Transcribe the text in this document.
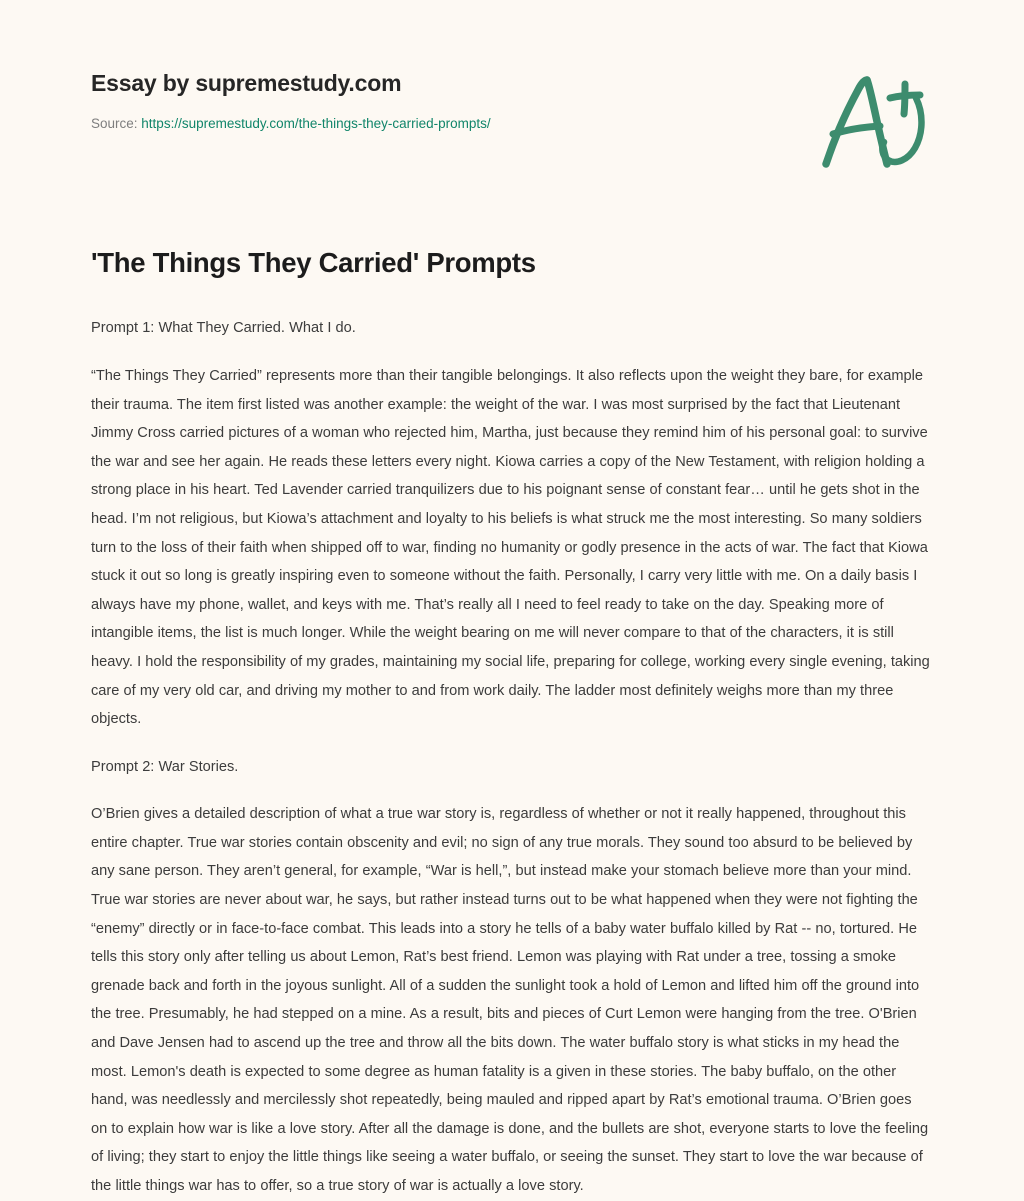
Essay by supremestudy.com
Source: https://supremestudy.com/the-things-they-carried-prompts/
'The Things They Carried' Prompts

Prompt 1: What They Carried. What I do.

“The Things They Carried” represents more than their tangible belongings. It also reflects upon the weight they bare, for example their trauma. The item first listed was another example: the weight of the war. I was most surprised by the fact that Lieutenant Jimmy Cross carried pictures of a woman who rejected him, Martha, just because they remind him of his personal goal: to survive the war and see her again. He reads these letters every night. Kiowa carries a copy of the New Testament, with religion holding a strong place in his heart. Ted Lavender carried tranquilizers due to his poignant sense of constant fear… until he gets shot in the head. I’m not religious, but Kiowa’s attachment and loyalty to his beliefs is what struck me the most interesting. So many soldiers turn to the loss of their faith when shipped off to war, finding no humanity or godly presence in the acts of war. The fact that Kiowa stuck it out so long is greatly inspiring even to someone without the faith. Personally, I carry very little with me. On a daily basis I always have my phone, wallet, and keys with me. That’s really all I need to feel ready to take on the day. Speaking more of intangible items, the list is much longer. While the weight bearing on me will never compare to that of the characters, it is still heavy. I hold the responsibility of my grades, maintaining my social life, preparing for college, working every single evening, taking care of my very old car, and driving my mother to and from work daily. The ladder most definitely weighs more than my three objects.

Prompt 2: War Stories.

O’Brien gives a detailed description of what a true war story is, regardless of whether or not it really happened, throughout this entire chapter. True war stories contain obscenity and evil; no sign of any true morals. They sound too absurd to be believed by any sane person. They aren’t general, for example, “War is hell,”, but instead make your stomach believe more than your mind. True war stories are never about war, he says, but rather instead turns out to be what happened when they were not fighting the “enemy” directly or in face-to-face combat. This leads into a story he tells of a baby water buffalo killed by Rat -- no, tortured. He tells this story only after telling us about Lemon, Rat’s best friend. Lemon was playing with Rat under a tree, tossing a smoke grenade back and forth in the joyous sunlight. All of a sudden the sunlight took a hold of Lemon and lifted him off the ground into the tree. Presumably, he had stepped on a mine. As a result, bits and pieces of Curt Lemon were hanging from the tree. O'Brien and Dave Jensen had to ascend up the tree and throw all the bits down. The water buffalo story is what sticks in my head the most. Lemon's death is expected to some degree as human fatality is a given in these stories. The baby buffalo, on the other hand, was needlessly and mercilessly shot repeatedly, being mauled and ripped apart by Rat’s emotional trauma. O’Brien goes on to explain how war is like a love story. After all the damage is done, and the bullets are shot, everyone starts to love the feeling of living; they start to enjoy the little things like seeing a water buffalo, or seeing the sunset. They start to love the war because of the little things war has to offer, so a true story of war is actually a love story.
